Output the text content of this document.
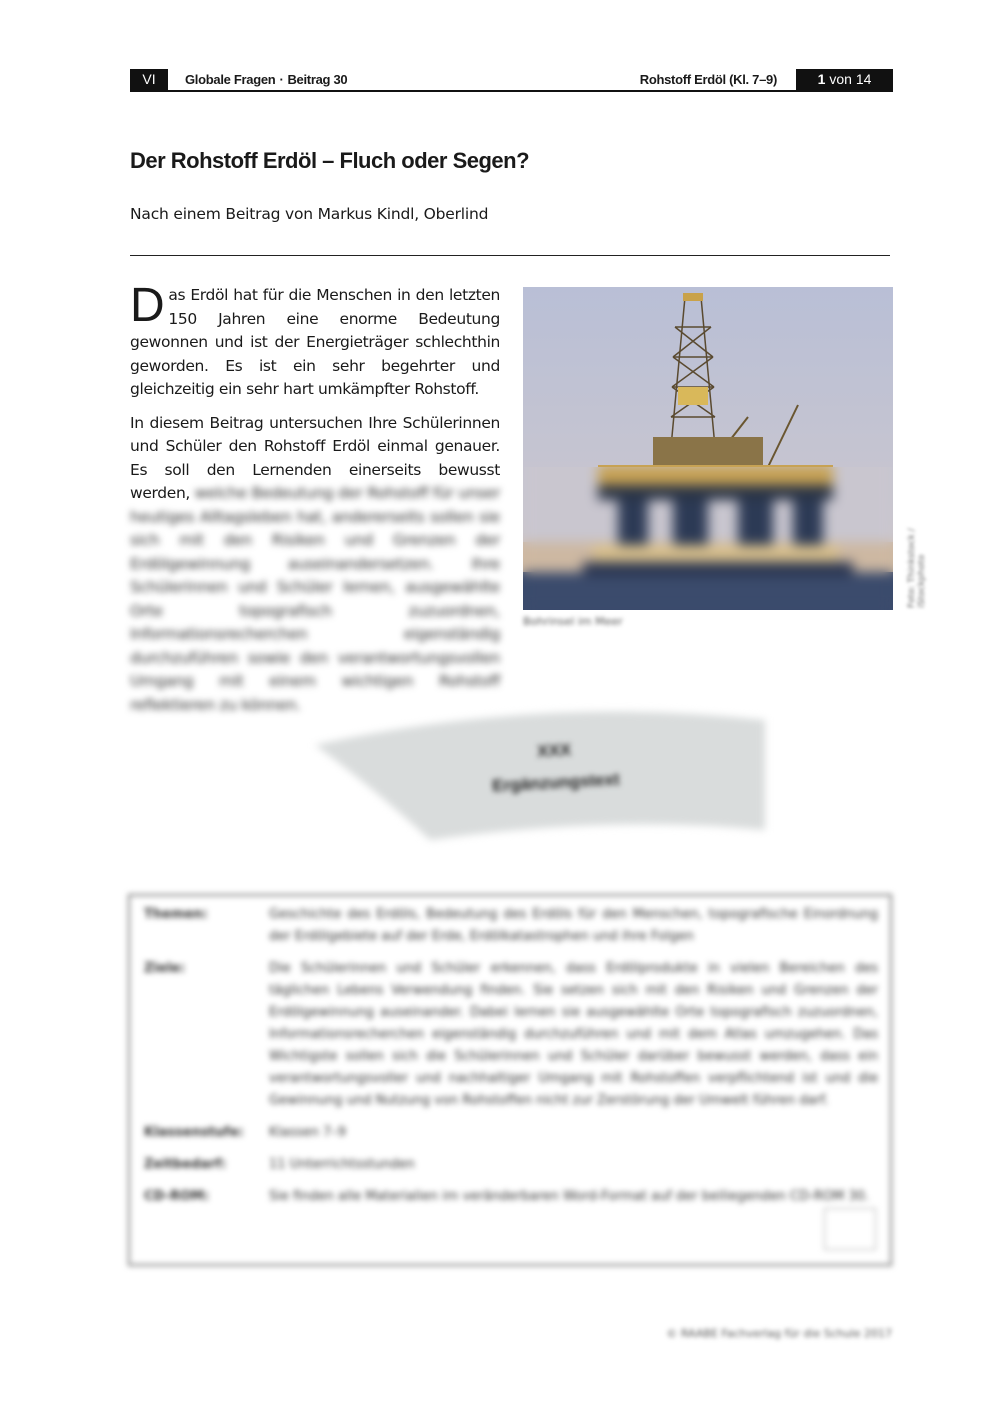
VI	Globale Fragen · Beitrag 30	Rohstoff Erdöl (Kl. 7–9)	1 von 14
Der Rohstoff Erdöl – Fluch oder Segen?
Nach einem Beitrag von Markus Kindl, Oberlind

Das Erdöl hat für die Menschen in den letzten 150 Jahren eine enorme Bedeutung gewonnen und ist der Energieträger schlechthin geworden. Es ist ein sehr begehrter und gleichzeitig ein sehr hart umkämpfter Rohstoff.

In diesem Beitrag untersuchen Ihre Schülerinnen und Schüler den Rohstoff Erdöl einmal genauer. Es soll den Lernenden einerseits bewusst werden, welche Bedeutung der Rohstoff für unser heutiges Alltagsleben hat, andererseits sollen sie sich mit den Risiken und Grenzen der Erdölgewinnung auseinandersetzen. Ihre Schülerinnen und Schüler lernen, ausgewählte Orte topografisch zuzuordnen, Informationsrecherchen eigenständig durchzuführen sowie den verantwortungsvollen Umgang mit einem wichtigen Rohstoff reflektieren zu können.

Bohrinsel im Meer
Foto: Thinkstock / iStockphoto
XXX
Ergänzungstext
Themen:	Geschichte des Erdöls, Bedeutung des Erdöls für den Menschen, topografische Einordnung der Erdölgebiete auf der Erde, Erdölkatastrophen und ihre Folgen
Ziele:	Die Schülerinnen und Schüler erkennen, dass Erdölprodukte in vielen Bereichen des täglichen Lebens Verwendung finden. Sie setzen sich mit den Risiken und Grenzen der Erdölgewinnung auseinander. Dabei lernen sie ausgewählte Orte topografisch zuzuordnen, Informationsrecherchen eigenständig durchzuführen und mit dem Atlas umzugehen. Das Wichtigste sollen sich die Schülerinnen und Schüler darüber bewusst werden, dass ein verantwortungsvoller und nachhaltiger Umgang mit Rohstoffen verpflichtend ist und die Gewinnung und Nutzung von Rohstoffen nicht zur Zerstörung der Umwelt führen darf.
Klassenstufe:	Klassen 7–9
Zeitbedarf:	11 Unterrichtsstunden
CD-ROM:	Sie finden alle Materialien im veränderbaren Word-Format auf der beiliegenden CD-ROM 30.
© RAABE Fachverlag für die Schule 2017
